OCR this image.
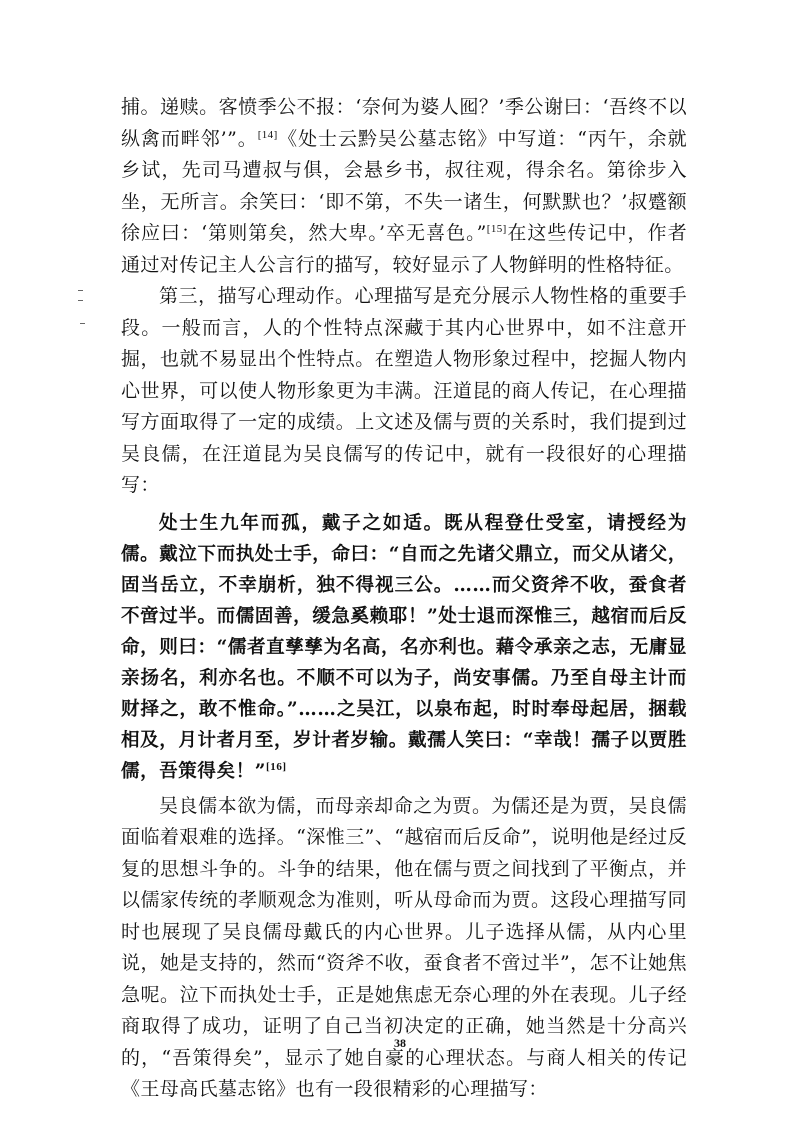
捕。递赎。客愤季公不报：‘奈何为婆人囮？’季公谢曰：‘吾终不以纵禽而畔邻’”。[14]《处士云黔吴公墓志铭》中写道：“丙午，余就乡试，先司马遭叔与俱，会悬乡书，叔往观，得余名。第徐步入坐，无所言。余笑曰：‘即不第，不失一诸生，何默默也？’叔蹙额徐应曰：‘第则第矣，然大卑。’卒无喜色。”[15]在这些传记中，作者通过对传记主人公言行的描写，较好显示了人物鲜明的性格特征。

第三，描写心理动作。心理描写是充分展示人物性格的重要手段。一般而言，人的个性特点深藏于其内心世界中，如不注意开掘，也就不易显出个性特点。在塑造人物形象过程中，挖掘人物内心世界，可以使人物形象更为丰满。汪道昆的商人传记，在心理描写方面取得了一定的成绩。上文述及儒与贾的关系时，我们提到过吴良儒，在汪道昆为吴良儒写的传记中，就有一段很好的心理描写：

处士生九年而孤，戴子之如适。既从程登仕受室，请授经为儒。戴泣下而执处士手，命曰：“自而之先诸父鼎立，而父从诸父，固当岳立，不幸崩析，独不得视三公。……而父资斧不收，蚕食者不啻过半。而儒固善，缓急奚赖耶！”处士退而深惟三，越宿而后反命，则曰：“儒者直孳孳为名高，名亦利也。藉令承亲之志，无庸显亲扬名，利亦名也。不顺不可以为子，尚安事儒。乃至自母主计而财择之，敢不惟命。”……之吴江，以泉布起，时时奉母起居，捆载相及，月计者月至，岁计者岁输。戴孺人笑曰：“幸哉！孺子以贾胜儒，吾策得矣！”[16]

吴良儒本欲为儒，而母亲却命之为贾。为儒还是为贾，吴良儒面临着艰难的选择。“深惟三”、“越宿而后反命”，说明他是经过反复的思想斗争的。斗争的结果，他在儒与贾之间找到了平衡点，并以儒家传统的孝顺观念为准则，听从母命而为贾。这段心理描写同时也展现了吴良儒母戴氏的内心世界。儿子选择从儒，从内心里说，她是支持的，然而“资斧不收，蚕食者不啻过半”，怎不让她焦急呢。泣下而执处士手，正是她焦虑无奈心理的外在表现。儿子经商取得了成功，证明了自己当初决定的正确，她当然是十分高兴的，“吾策得矣”，显示了她自豪的心理状态。与商人相关的传记《王母高氏墓志铭》也有一段很精彩的心理描写：

38
